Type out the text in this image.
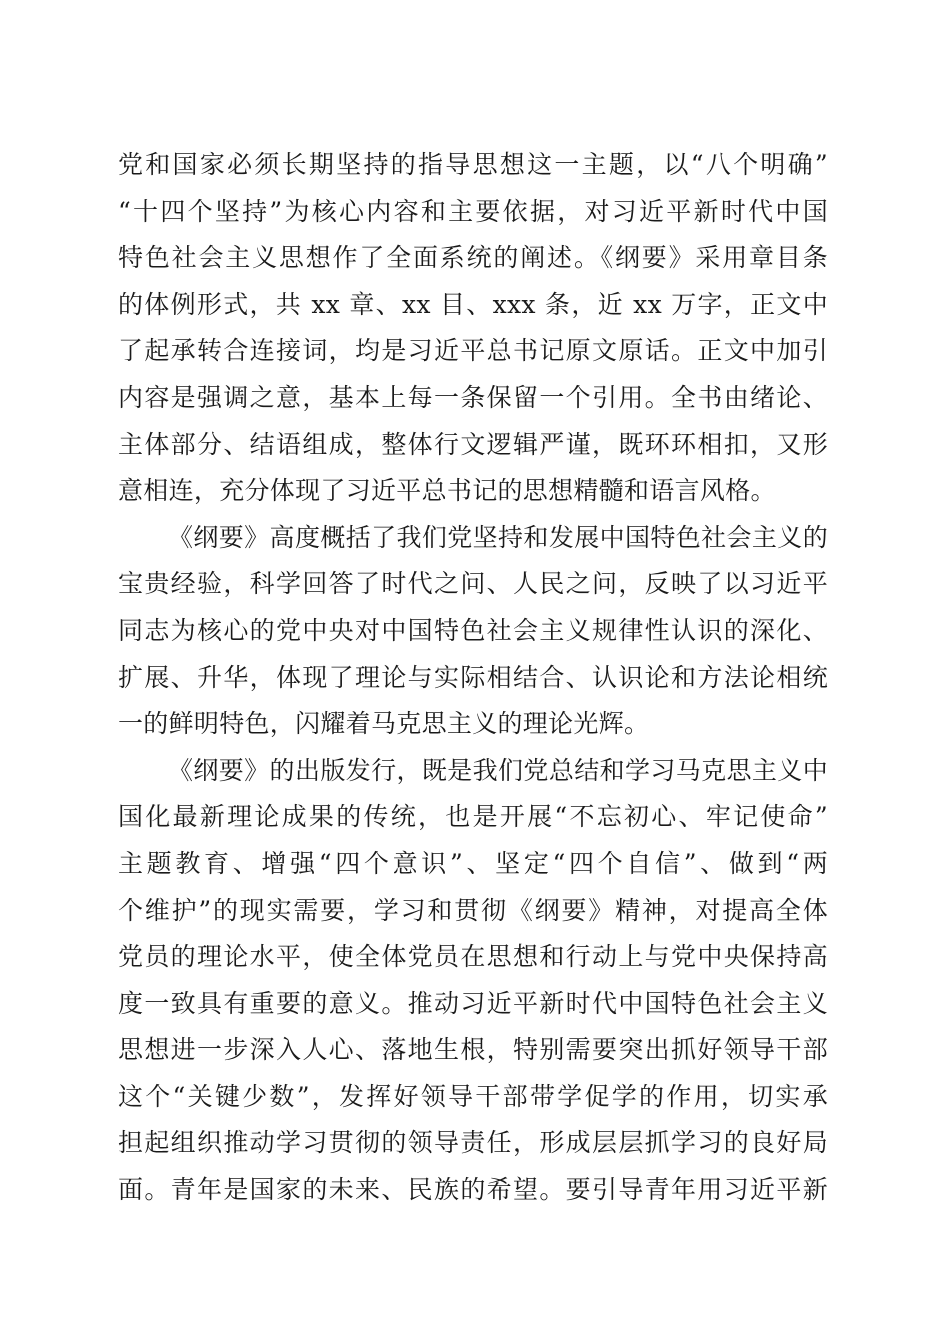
党和国家必须长期坚持的指导思想这一主题，以“八个明确”
“十四个坚持”为核心内容和主要依据，对习近平新时代中国
特色社会主义思想作了全面系统的阐述。《纲要》采用章目条
的体例形式，共 xx 章、xx 目、xxx 条，近 xx 万字，正文中
了起承转合连接词，均是习近平总书记原文原话。正文中加引
内容是强调之意，基本上每一条保留一个引用。全书由绪论、
主体部分、结语组成，整体行文逻辑严谨，既环环相扣，又形
意相连，充分体现了习近平总书记的思想精髓和语言风格。
《纲要》高度概括了我们党坚持和发展中国特色社会主义的
宝贵经验，科学回答了时代之问、人民之问，反映了以习近平
同志为核心的党中央对中国特色社会主义规律性认识的深化、
扩展、升华，体现了理论与实际相结合、认识论和方法论相统
一的鲜明特色，闪耀着马克思主义的理论光辉。
《纲要》的出版发行，既是我们党总结和学习马克思主义中
国化最新理论成果的传统，也是开展“不忘初心、牢记使命”
主题教育、增强“四个意识”、坚定“四个自信”、做到“两
个维护”的现实需要，学习和贯彻《纲要》精神，对提高全体
党员的理论水平，使全体党员在思想和行动上与党中央保持高
度一致具有重要的意义。推动习近平新时代中国特色社会主义
思想进一步深入人心、落地生根，特别需要突出抓好领导干部
这个“关键少数”，发挥好领导干部带学促学的作用，切实承
担起组织推动学习贯彻的领导责任，形成层层抓学习的良好局
面。青年是国家的未来、民族的希望。要引导青年用习近平新
